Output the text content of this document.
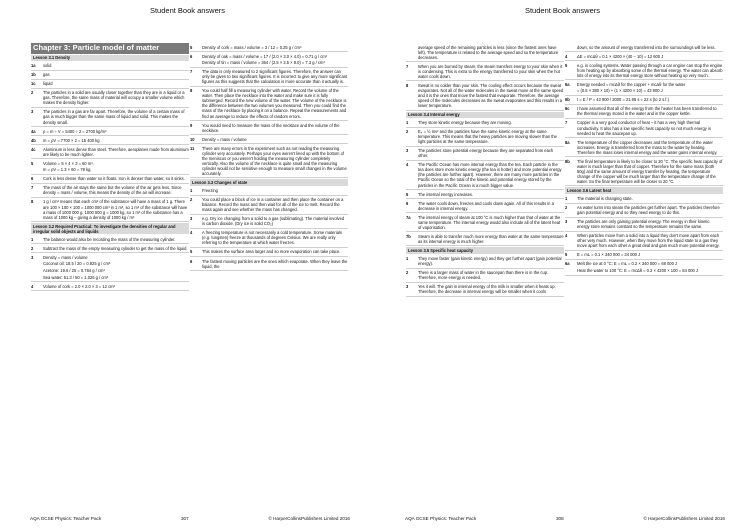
Student Book answers
Chapter 3: Particle model of matter
Lesson 3.1 Density
1a	solid
1b	gas
1c	liquid
2	The particles in a solid are usually closer together than they are in a liquid or a gas. Therefore, the same mass of material will occupy a smaller volume which makes the density higher.
3	The particles in a gas are far apart. Therefore, the volume of a certain mass of gas is much bigger than the same mass of liquid and solid. This makes the density small.
4a	ρ = m ÷ V = 5400 ÷ 2 = 2700 kg/m³
4b	m = ρV = 7700 × 2 = 15 400 kg
4c	Aluminium is less dense than steel. Therefore, aeroplanes made from aluminium are likely to be much lighter.
5	Volume = 5 × 4 × 3 = 60 m³.
m = ρV = 1.3 × 60 = 78 kg.
6	Cork is less dense than water so it floats. Iron is denser than water, so it sinks.
7	The mass of the air stays the same but the volume of the air gets less. Since density = mass / volume, this means the density of the air will increase.
8	1 g / cm³ means that each cm³ of the substance will have a mass of 1 g. There are 100 × 100 × 100 = 1000 000 cm³ in 1 m³, so 1 m³ of the substance will have a mass of 1000 000 g. 1000 000 g = 1000 kg, so 1 m³ of the substance has a mass of 1000 kg – giving a density of 1000 kg / m³
Lesson 3.2 Required Practical: To investigate the densities of regular and irregular solid objects and liquids
1	The balance would also be recording the mass of the measuring cylinder.
2	Subtract the mass of the empty measuring cylinder to get the mass of the liquid.
3	Density = mass / volume
Coconut oil: 18.5 / 20 = 0.925 g / cm³
Acetone: 19.6 / 25 = 0.784 g / cm³
Sea water: 51.3 / 50 = 1.026 g / cm³
4	Volume of cork = 2.0 × 2.0 × 3 = 12 cm³
5	Density of cork = mass / volume = 3 / 12 = 0.25 g / cm³
6	Density of oak = mass / volume = 17 / (2.0 × 3.0 × 4.0) = 0.71 g / cm³
Density of tin = mass / volume = 364 / (2.5 × 2.5 × 8.0) = 7.3 g / cm³
7	The data is only measured to 2 significant figures. Therefore, the answer can only be given to two significant figures. It is incorrect to give any more significant figures as this suggests that the calculation is more accurate than it actually is.
8	You could half fill a measuring cylinder with water. Record the volume of the water. Then place the necklace into the water and make sure it is fully submerged. Record the new volume of the water. The volume of the necklace is the difference between the two volumes you measured. Then you could find the mass of the necklace by placing it on a balance. Repeat the measurements and find an average to reduce the effects of random errors.
9	You would need to measure the mass of the necklace and the volume of the necklace.
10	Density = mass / volume
11	There are many errors in the experiment such as not reading the measuring cylinder very accurately. Perhaps your eyes weren't lined up with the bottom of the meniscus or you weren't holding the measuring cylinder completely vertically. Also the volume of the necklace is quite small and the measuring cylinder would not be sensitive enough to measure small changes in the volume accurately.
Lesson 3.3 Changes of state
1	Freezing
2	You could place a block of ice in a container and then place the container on a balance. Record the mass and then wait for all of the ice to melt. Record the mass again and see whether the mass has changed.
3	e.g. Dry ice changing from a solid to a gas (sublimating). The material involved is carbon dioxide. (Dry ice is solid CO₂)
4	A freezing temperature is not necessarily a cold temperature. Some materials (e.g. tungsten) freeze at thousands of degrees Celsius. We are really only referring to the temperature at which water freezes.
5	This makes the surface area larger and so more evaporation can take place.
6	The fastest moving particles are the ones which evaporate. When they leave the liquid, the
AQA GCSE Physics: Teacher Pack	307	© HarperCollinsPublishers Limited 2016
Student Book answers
average speed of the remaining particles is less (since the fastest ones have left). The temperature is related to the average speed and so the temperature decreases.
7	When you are burned by steam, the steam transfers energy to your skin when it is condensing. This is extra to the energy transferred to your skin when the hot water cools down.
8	Sweat is no colder than your skin. The cooling effect occurs because the sweat evaporates. Not all of the water molecules in the sweat move at the same speed and it is the ones that move the fastest that evaporate. Therefore, the average speed of the molecules decreases as the sweat evaporates and this results in a lower temperature.
Lesson 3.4 Internal energy
1	They store kinetic energy because they are moving.
2	Eₖ = ½ mv² and the particles have the same kinetic energy at the same temperature. This means that the heavy particles are moving slower than the light particles at the same temperature.
3	The particles store potential energy because they are separated from each other.
4	The Pacific Ocean has more internal energy than the tea. Each particle in the tea does store more kinetic energy (the tea is hotter) and more potential energy (the particles are further apart). However, there are many more particles in the Pacific Ocean so the total of the kinetic and potential energy stored by the particles in the Pacific Ocean is a much bigger value.
5	The internal energy increases.
6	The water cools down, freezes and cools down again. All of this results in a decrease in internal energy.
7a	The internal energy of steam at 100 °C is much higher than that of water at the same temperature. The internal energy would also include all of the latent heat of vaporisation.
7b	Steam is able to transfer much more energy than water at the same temperature as its internal energy is much higher.
Lesson 3.5 Specific heat capacity
1	They move faster (gain kinetic energy) and they get further apart (gain potential energy).
2	There is a larger mass of water in the saucepan than there is in the cup. Therefore, more energy is needed.
3	Yes it will. The gain in internal energy of the milk is smaller when it heats up. Therefore, the decrease in internal energy will be smaller when it cools
down, so the amount of energy transferred into the surroundings will be less.
4	ΔE = mcΔθ = 0.1 × 4200 × (40 − 10) = 12 600 J
5	e.g. in cooling systems. Water passing through a car engine can stop the engine from heating up by absorbing some of the thermal energy. The water can absorb lots of energy into its thermal energy store without heating up very much.
6a	Energy needed = mcΔθ for the copper + mcΔθ for the water
= (0.5 × 380 × 10) + (1 × 4200 × 10) = 43 900 J
6b	t = E / P = 43 900 / 2000 = 21.95 s ≈ 22 s (to 2 s.f.)
6c	I have assumed that all of the energy from the heater has been transferred to the thermal energy stored in the water and in the copper kettle.
7	Copper is a very good conductor of heat – it has a very high thermal conductivity. It also has a low specific heat capacity so not much energy is needed to heat the saucepan up.
8a	The temperature of the copper decreases and the temperature of the water increases. Energy is transferred from the mass to the water by heating. Therefore the mass loses internal energy and the water gains internal energy.
8b	The final temperature is likely to be closer to 20 °C. The specific heat capacity of water is much larger than that of copper. Therefore for the same mass (both 50g) and the same amount of energy transfer by heating, the temperature change of the copper will be much larger than the temperature change of the water. So the final temperature will be closer to 20 °C.
Lesson 3.6 Latent heat
1	The material is changing state.
2	As water turns into steam the particles get further apart. The particles therefore gain potential energy and so they need energy to do this.
3	The particles are only gaining potential energy. The energy in their kinetic energy store remains constant so the temperature remains the same.
4	When particles move from a solid into a liquid they don't move apart from each other very much. However, when they move from the liquid state to a gas they move apart from each other a great deal and gain much more potential energy.
5	E = mL = 0.1 × 340 000 = 34 000 J
6a	Melt the ice at 0 °C: E = mL = 0.2 × 340 000 = 68 000 J
Heat the water to 100 °C: E = mcΔθ = 0.2 × 4200 × 100 = 84 000 J
AQA GCSE Physics: Teacher Pack	308	© HarperCollinsPublishers Limited 2016
